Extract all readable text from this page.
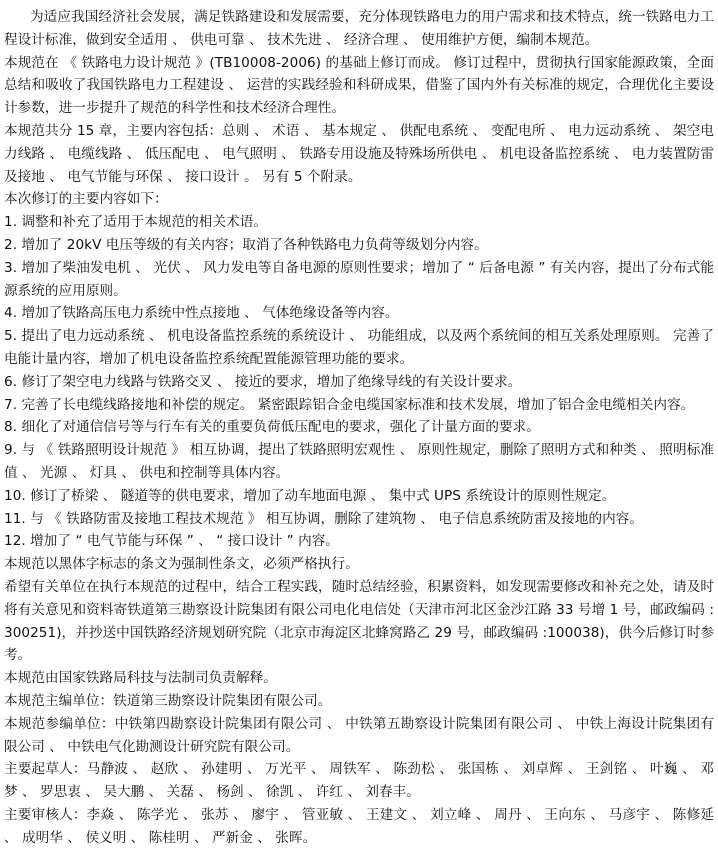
为适应我国经济社会发展，满足铁路建设和发展需要，充分体现铁路电力的用户需求和技术特点，统一铁路电力工程设计标准，做到安全适用 、 供电可靠 、 技术先进 、 经济合理 、 使用维护方便，编制本规范。

本规范在 《 铁路电力设计规范 》(TB10008-2006) 的基础上修订而成。 修订过程中，贯彻执行国家能源政策，全面总结和吸收了我国铁路电力工程建设 、 运营的实践经验和科研成果，借鉴了国内外有关标准的规定，合理优化主要设计参数，进一步提升了规范的科学性和技术经济合理性。

本规范共分 15 章，主要内容包括：总则 、 术语 、 基本规定 、 供配电系统 、 变配电所 、 电力远动系统 、 架空电力线路 、 电缆线路 、 低压配电 、 电气照明 、 铁路专用设施及特殊场所供电 、 机电设备监控系统 、 电力装置防雷及接地 、 电气节能与环保 、 接口设计 。 另有 5 个附录。

本次修订的主要内容如下：

1. 调整和补充了适用于本规范的相关术语。

2. 增加了 20kV 电压等级的有关内容；取消了各种铁路电力负荷等级划分内容。

3. 增加了柴油发电机 、 光伏 、 风力发电等自备电源的原则性要求；增加了 “ 后备电源 ” 有关内容，提出了分布式能源系统的应用原则。

4. 增加了铁路高压电力系统中性点接地 、 气体绝缘设备等内容。

5. 提出了电力远动系统 、 机电设备监控系统的系统设计 、 功能组成，以及两个系统间的相互关系处理原则。 完善了电能计量内容，增加了机电设备监控系统配置能源管理功能的要求。

6. 修订了架空电力线路与铁路交叉 、 接近的要求，增加了绝缘导线的有关设计要求。

7. 完善了长电缆线路接地和补偿的规定。 紧密跟踪铝合金电缆国家标准和技术发展，增加了铝合金电缆相关内容。

8. 细化了对通信信号等与行车有关的重要负荷低压配电的要求，强化了计量方面的要求。

9. 与 《 铁路照明设计规范 》 相互协调，提出了铁路照明宏观性 、 原则性规定，删除了照明方式和种类 、 照明标准值 、 光源 、 灯具 、 供电和控制等具体内容。

10. 修订了桥梁 、 隧道等的供电要求，增加了动车地面电源 、 集中式 UPS 系统设计的原则性规定。

11. 与 《 铁路防雷及接地工程技术规范 》 相互协调，删除了建筑物 、 电子信息系统防雷及接地的内容。

12. 增加了 “ 电气节能与环保 ” 、 “ 接口设计 ” 内容。

本规范以黑体字标志的条文为强制性条文，必须严格执行。

希望有关单位在执行本规范的过程中，结合工程实践，随时总结经验，积累资料，如发现需要修改和补充之处，请及时将有关意见和资料寄铁道第三勘察设计院集团有限公司电化电信处（天津市河北区金沙江路 33 号增 1 号，邮政编码 :300251)，并抄送中国铁路经济规划研究院（北京市海淀区北蜂窝路乙 29 号，邮政编码 :100038)，供今后修订时参考。

本规范由国家铁路局科技与法制司负责解释。

本规范主编单位：铁道第三勘察设计院集团有限公司。

本规范参编单位：中铁第四勘察设计院集团有限公司 、 中铁第五勘察设计院集团有限公司 、 中铁上海设计院集团有限公司 、 中铁电气化勘测设计研究院有限公司。

主要起草人：马静波 、 赵欣 、 孙建明 、 万光平 、 周铁军 、 陈劲松 、 张国栋 、 刘卓辉 、 王剑铭 、 叶巍 、 邓梦 、 罗思衷 、 吴大鹏 、 关磊 、 杨剑 、 徐凯 、 许红 、 刘春丰。

主要审核人：李焱 、 陈学光 、 张苏 、 廖宇 、 管亚敏 、 王建文 、 刘立峰 、 周丹 、 王向东 、 马彦宇 、 陈修延 、 成明华 、 侯义明 、 陈桂明 、 严新金 、 张晖。
